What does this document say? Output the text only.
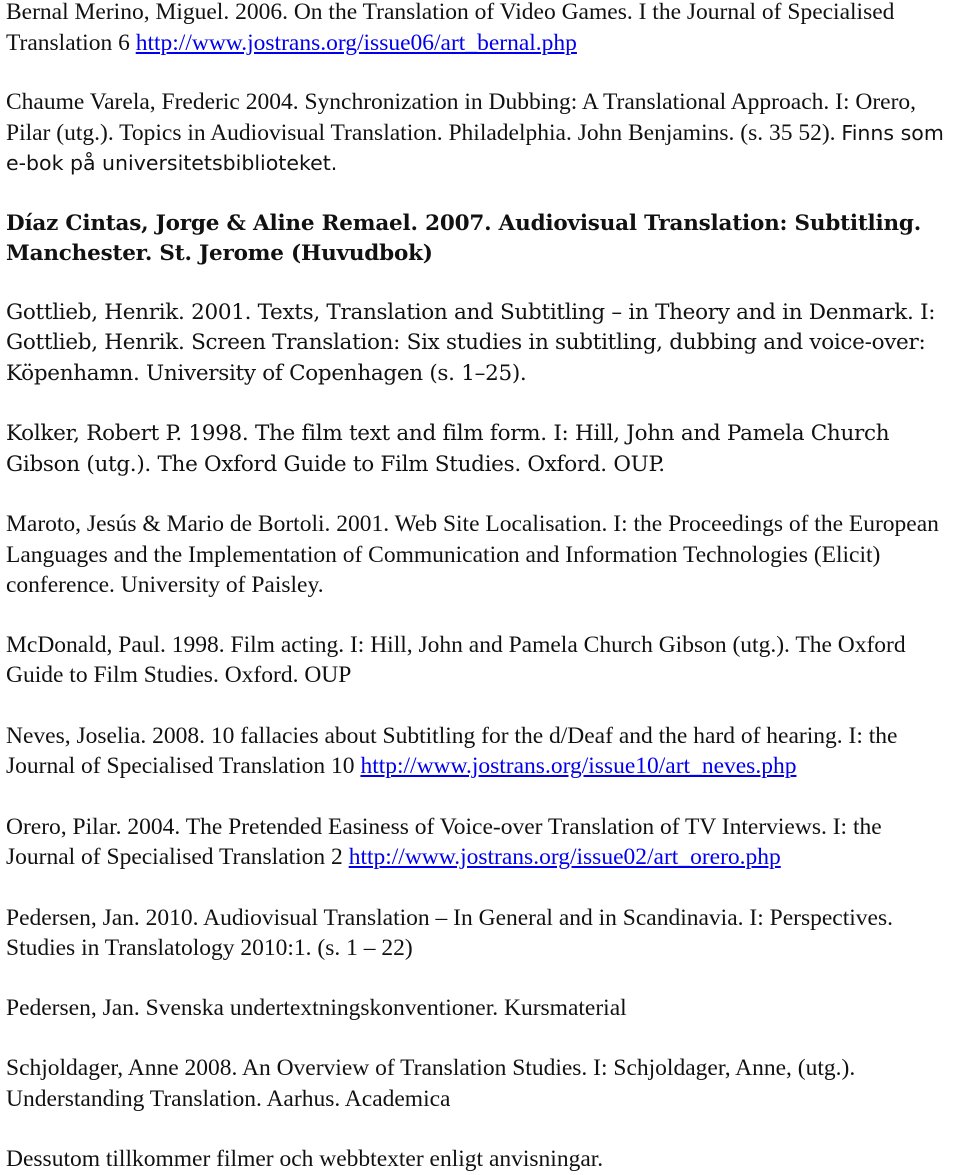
Bernal Merino, Miguel. 2006. On the Translation of Video Games. I the Journal of Specialised Translation 6 http://www.jostrans.org/issue06/art_bernal.php

Chaume Varela, Frederic 2004. Synchronization in Dubbing: A Translational Approach. I: Orero, Pilar (utg.). Topics in Audiovisual Translation. Philadelphia. John Benjamins. (s. 35 52). Finns som e-bok på universitetsbiblioteket.

Díaz Cintas, Jorge & Aline Remael. 2007. Audiovisual Translation: Subtitling. Manchester. St. Jerome (Huvudbok)

Gottlieb, Henrik. 2001. Texts, Translation and Subtitling – in Theory and in Denmark. I: Gottlieb, Henrik. Screen Translation: Six studies in subtitling, dubbing and voice-over: Köpenhamn. University of Copenhagen (s. 1–25).

Kolker, Robert P. 1998. The film text and film form. I: Hill, John and Pamela Church Gibson (utg.). The Oxford Guide to Film Studies. Oxford. OUP.

Maroto, Jesús & Mario de Bortoli. 2001. Web Site Localisation. I: the Proceedings of the European Languages and the Implementation of Communication and Information Technologies (Elicit) conference. University of Paisley.

McDonald, Paul. 1998. Film acting. I: Hill, John and Pamela Church Gibson (utg.). The Oxford Guide to Film Studies. Oxford. OUP

Neves, Joselia. 2008. 10 fallacies about Subtitling for the d/Deaf and the hard of hearing. I: the Journal of Specialised Translation 10 http://www.jostrans.org/issue10/art_neves.php

Orero, Pilar. 2004. The Pretended Easiness of Voice-over Translation of TV Interviews. I: the Journal of Specialised Translation 2 http://www.jostrans.org/issue02/art_orero.php

Pedersen, Jan. 2010. Audiovisual Translation – In General and in Scandinavia. I: Perspectives. Studies in Translatology 2010:1. (s. 1 – 22)

Pedersen, Jan. Svenska undertextningskonventioner. Kursmaterial

Schjoldager, Anne 2008. An Overview of Translation Studies. I: Schjoldager, Anne, (utg.). Understanding Translation. Aarhus. Academica

Dessutom tillkommer filmer och webbtexter enligt anvisningar.
